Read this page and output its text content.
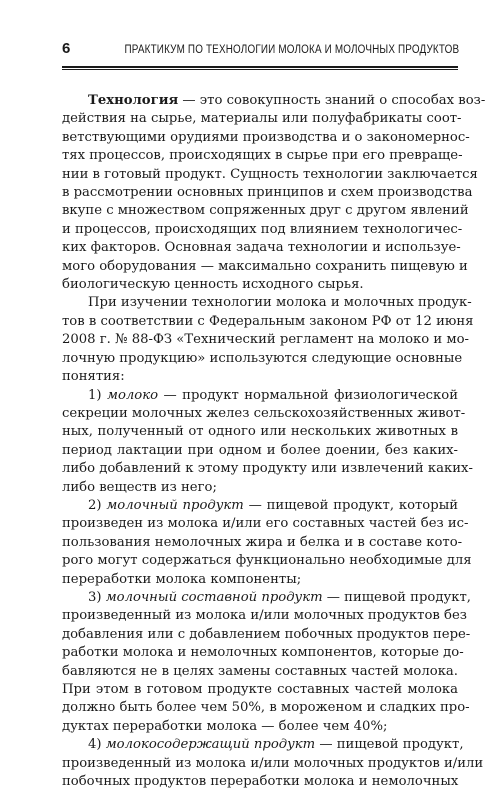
6	ПРАКТИКУМ ПО ТЕХНОЛОГИИ МОЛОКА И МОЛОЧНЫХ ПРОДУКТОВ
Технология — это совокупность знаний о способах воз-
действия на сырье, материалы или полуфабрикаты соот-
ветствующими орудиями производства и о закономернос-
тях процессов, происходящих в сырье при его превраще-
нии в готовый продукт. Сущность технологии заключается
в рассмотрении основных принципов и схем производства
вкупе с множеством сопряженных друг с другом явлений
и процессов, происходящих под влиянием технологичес-
ких факторов. Основная задача технологии и используе-
мого оборудования — максимально сохранить пищевую и
биологическую ценность исходного сырья.
При изучении технологии молока и молочных продук-
тов в соответствии с Федеральным законом РФ от 12 июня
2008 г. № 88-ФЗ «Технический регламент на молоко и мо-
лочную продукцию» используются следующие основные
понятия:
1) молоко — продукт нормальной физиологической
секреции молочных желез сельскохозяйственных живот-
ных, полученный от одного или нескольких животных в
период лактации при одном и более доении, без каких-
либо добавлений к этому продукту или извлечений каких-
либо веществ из него;
2) молочный продукт — пищевой продукт, который
произведен из молока и/или его составных частей без ис-
пользования немолочных жира и белка и в составе кото-
рого могут содержаться функционально необходимые для
переработки молока компоненты;
3) молочный составной продукт — пищевой продукт,
произведенный из молока и/или молочных продуктов без
добавления или с добавлением побочных продуктов пере-
работки молока и немолочных компонентов, которые до-
бавляются не в целях замены составных частей молока.
При этом в готовом продукте составных частей молока
должно быть более чем 50%, в мороженом и сладких про-
дуктах переработки молока — более чем 40%;
4) молокосодержащий продукт — пищевой продукт,
произведенный из молока и/или молочных продуктов и/или
побочных продуктов переработки молока и немолочных
